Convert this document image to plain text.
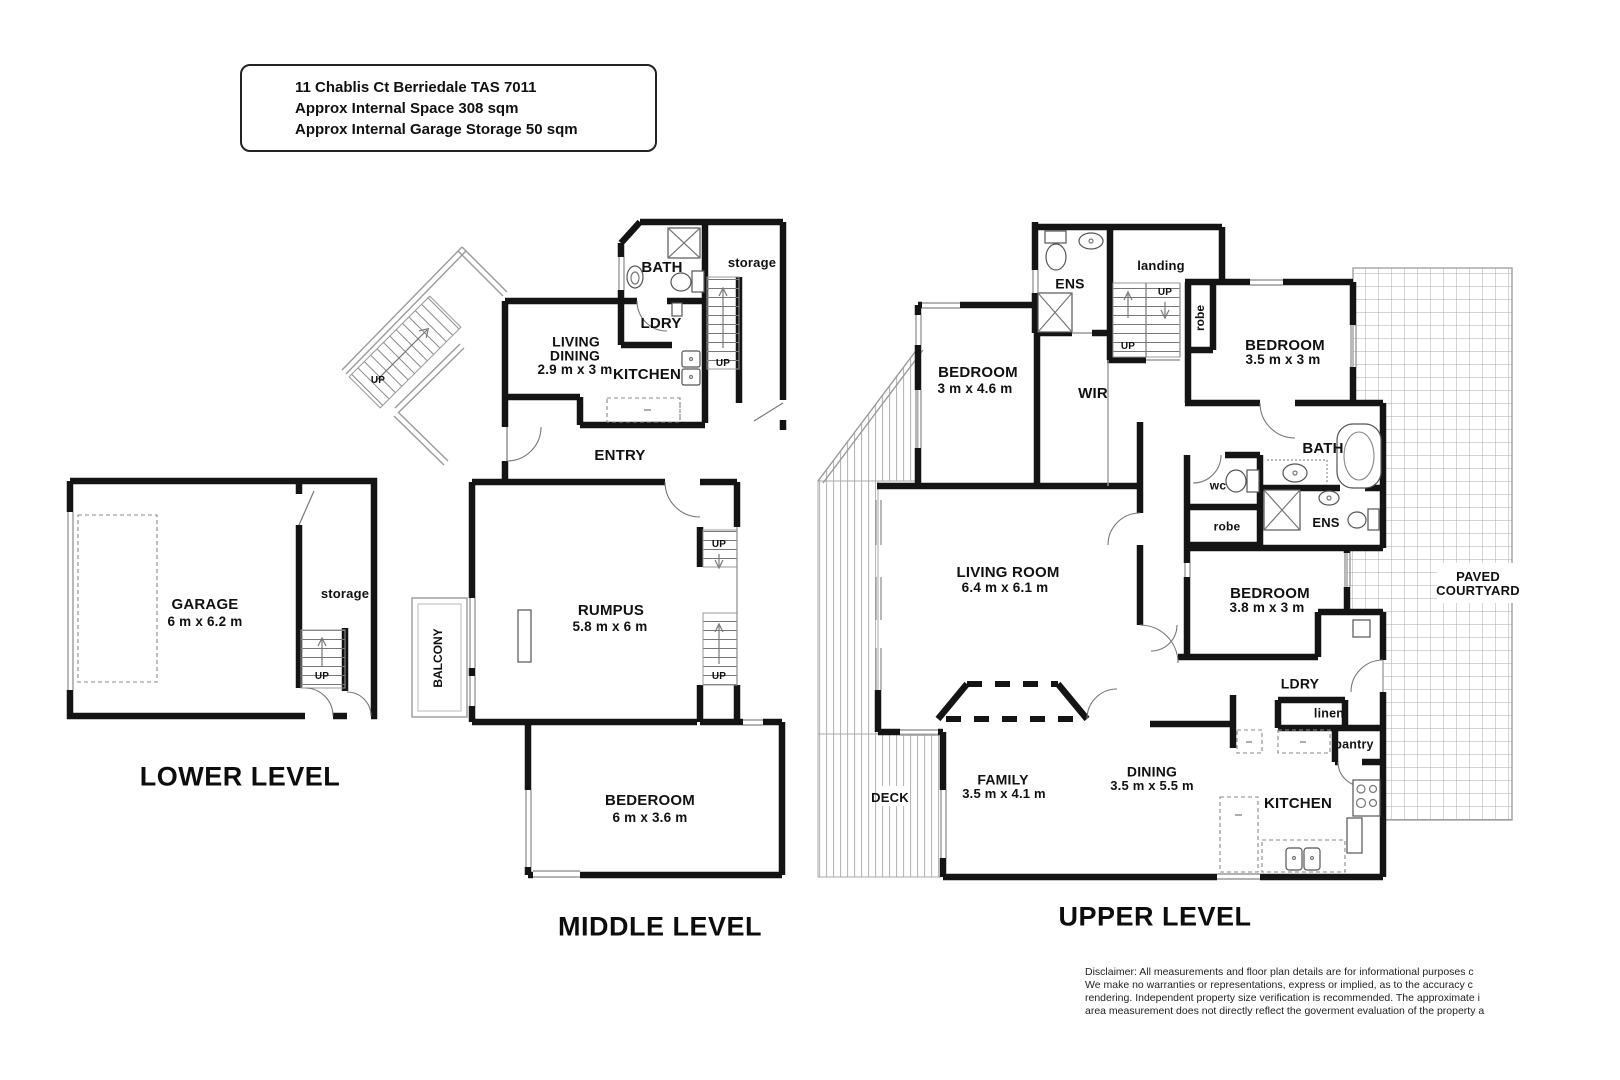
11 Chablis Ct Berriedale TAS 7011
Approx Internal Space 308 sqm
Approx Internal Garage Storage 50 sqm
GARAGE
6 m x 6.2 m
storage
UP
LOWER LEVEL
BATH	storage
LDRY
LIVING
DINING
2.9 m x 3 m KITCHEN
ENTRY
UP
UP
UP
UP
RUMPUS
5.8 m x 6 m
BALCONY
BEDEROOM
6 m x 3.6 m
MIDDLE LEVEL
ENS
landing
robe
BEDROOM
3 m x 4.6 m	WIR
BEDROOM
3.5 m x 3 m
UP
UP
BATH
wc
robe	ENS
LIVING ROOM
6.4 m x 6.1 m	BEDROOM
3.8 m x 3 m
PAVED
COURTYARD
LDRY
linen
pantry
FAMILY
3.5 m x 4.1 m
DINING
3.5 m x 5.5 m
KITCHEN
DECK
UPPER LEVEL
Disclaimer: All measurements and floor plan details are for informational purposes c
We make no warranties or representations, express or implied, as to the accuracy c
rendering. Independent property size verification is recommended. The approximate i
area measurement does not directly reflect the goverment evaluation of the property a
